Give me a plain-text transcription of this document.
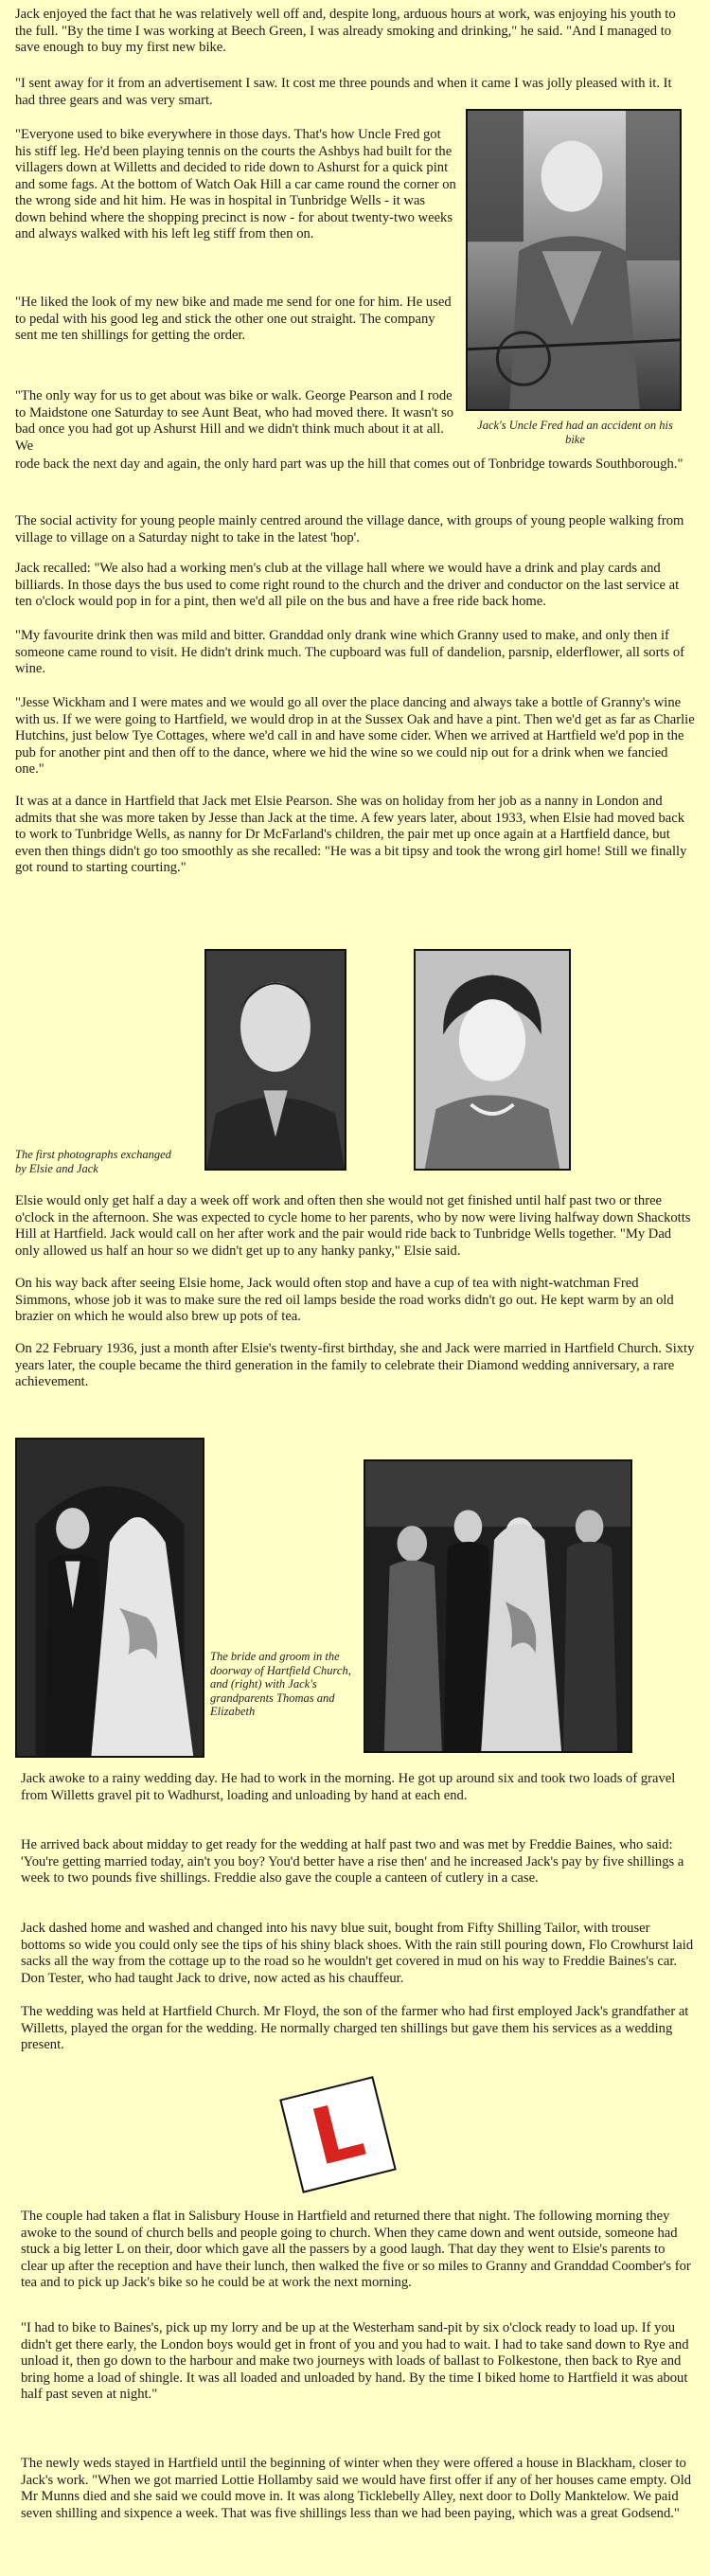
Jack enjoyed the fact that he was relatively well off and, despite long, arduous hours at work, was enjoying his youth to the full. "By the time I was working at Beech Green, I was already smoking and drinking," he said. "And I managed to save enough to buy my first new bike.

"I sent away for it from an advertisement I saw. It cost me three pounds and when it came I was jolly pleased with it. It had three gears and was very smart.

"Everyone used to bike everywhere in those days. That's how Uncle Fred got his stiff leg. He'd been playing tennis on the courts the Ashbys had built for the villagers down at Willetts and decided to ride down to Ashurst for a quick pint and some fags. At the bottom of Watch Oak Hill a car came round the corner on the wrong side and hit him. He was in hospital in Tunbridge Wells - it was down behind where the shopping precinct is now - for about twenty-two weeks and always walked with his left leg stiff from then on.

"He liked the look of my new bike and made me send for one for him. He used to pedal with his good leg and stick the other one out straight. The company sent me ten shillings for getting the order.

"The only way for us to get about was bike or walk. George Pearson and I rode to Maidstone one Saturday to see Aunt Beat, who had moved there. It wasn't so bad once you had got up Ashurst Hill and we didn't think much about it at all. We

rode back the next day and again, the only hard part was up the hill that comes out of Tonbridge towards Southborough."

Jack's Uncle Fred had an accident on his bike

The social activity for young people mainly centred around the village dance, with groups of young people walking from village to village on a Saturday night to take in the latest 'hop'.

Jack recalled: "We also had a working men's club at the village hall where we would have a drink and play cards and billiards. In those days the bus used to come right round to the church and the driver and conductor on the last service at ten o'clock would pop in for a pint, then we'd all pile on the bus and have a free ride back home.

"My favourite drink then was mild and bitter. Granddad only drank wine which Granny used to make, and only then if someone came round to visit. He didn't drink much. The cupboard was full of dandelion, parsnip, elderflower, all sorts of wine.

"Jesse Wickham and I were mates and we would go all over the place dancing and always take a bottle of Granny's wine with us. If we were going to Hartfield, we would drop in at the Sussex Oak and have a pint. Then we'd get as far as Charlie Hutchins, just below Tye Cottages, where we'd call in and have some cider. When we arrived at Hartfield we'd pop in the pub for another pint and then off to the dance, where we hid the wine so we could nip out for a drink when we fancied one."

It was at a dance in Hartfield that Jack met Elsie Pearson. She was on holiday from her job as a nanny in London and admits that she was more taken by Jesse than Jack at the time. A few years later, about 1933, when Elsie had moved back to work to Tunbridge Wells, as nanny for Dr McFarland's children, the pair met up once again at a Hartfield dance, but even then things didn't go too smoothly as she recalled: "He was a bit tipsy and took the wrong girl home! Still we finally got round to starting courting."

The first photographs exchanged by Elsie and Jack

Elsie would only get half a day a week off work and often then she would not get finished until half past two or three o'clock in the afternoon. She was expected to cycle home to her parents, who by now were living halfway down Shackotts Hill at Hartfield. Jack would call on her after work and the pair would ride back to Tunbridge Wells together. "My Dad only allowed us half an hour so we didn't get up to any hanky panky," Elsie said.

On his way back after seeing Elsie home, Jack would often stop and have a cup of tea with night-watchman Fred Simmons, whose job it was to make sure the red oil lamps beside the road works didn't go out. He kept warm by an old brazier on which he would also brew up pots of tea.

On 22 February 1936, just a month after Elsie's twenty-first birthday, she and Jack were married in Hartfield Church. Sixty years later, the couple became the third generation in the family to celebrate their Diamond wedding anniversary, a rare achievement.

The bride and groom in the doorway of Hartfield Church, and (right) with Jack's grandparents Thomas and Elizabeth

Jack awoke to a rainy wedding day. He had to work in the morning. He got up around six and took two loads of gravel from Willetts gravel pit to Wadhurst, loading and unloading by hand at each end.

He arrived back about midday to get ready for the wedding at half past two and was met by Freddie Baines, who said: 'You're getting married today, ain't you boy? You'd better have a rise then' and he increased Jack's pay by five shillings a week to two pounds five shillings. Freddie also gave the couple a canteen of cutlery in a case.

Jack dashed home and washed and changed into his navy blue suit, bought from Fifty Shilling Tailor, with trouser bottoms so wide you could only see the tips of his shiny black shoes. With the rain still pouring down, Flo Crowhurst laid sacks all the way from the cottage up to the road so he wouldn't get covered in mud on his way to Freddie Baines's car. Don Tester, who had taught Jack to drive, now acted as his chauffeur.

The wedding was held at Hartfield Church. Mr Floyd, the son of the farmer who had first employed Jack's grandfather at Willetts, played the organ for the wedding. He normally charged ten shillings but gave them his services as a wedding present.

L

The couple had taken a flat in Salisbury House in Hartfield and returned there that night. The following morning they awoke to the sound of church bells and people going to church. When they came down and went outside, someone had stuck a big letter L on their, door which gave all the passers by a good laugh. That day they went to Elsie's parents to clear up after the reception and have their lunch, then walked the five or so miles to Granny and Granddad Coomber's for tea and to pick up Jack's bike so he could be at work the next morning.

"I had to bike to Baines's, pick up my lorry and be up at the Westerham sand-pit by six o'clock ready to load up. If you didn't get there early, the London boys would get in front of you and you had to wait. I had to take sand down to Rye and unload it, then go down to the harbour and make two journeys with loads of ballast to Folkestone, then back to Rye and bring home a load of shingle. It was all loaded and unloaded by hand. By the time I biked home to Hartfield it was about half past seven at night."

The newly weds stayed in Hartfield until the beginning of winter when they were offered a house in Blackham, closer to Jack's work. "When we got married Lottie Hollamby said we would have first offer if any of her houses came empty. Old Mr Munns died and she said we could move in. It was along Ticklebelly Alley, next door to Dolly Manktelow. We paid seven shilling and sixpence a week. That was five shillings less than we had been paying, which was a great Godsend."
